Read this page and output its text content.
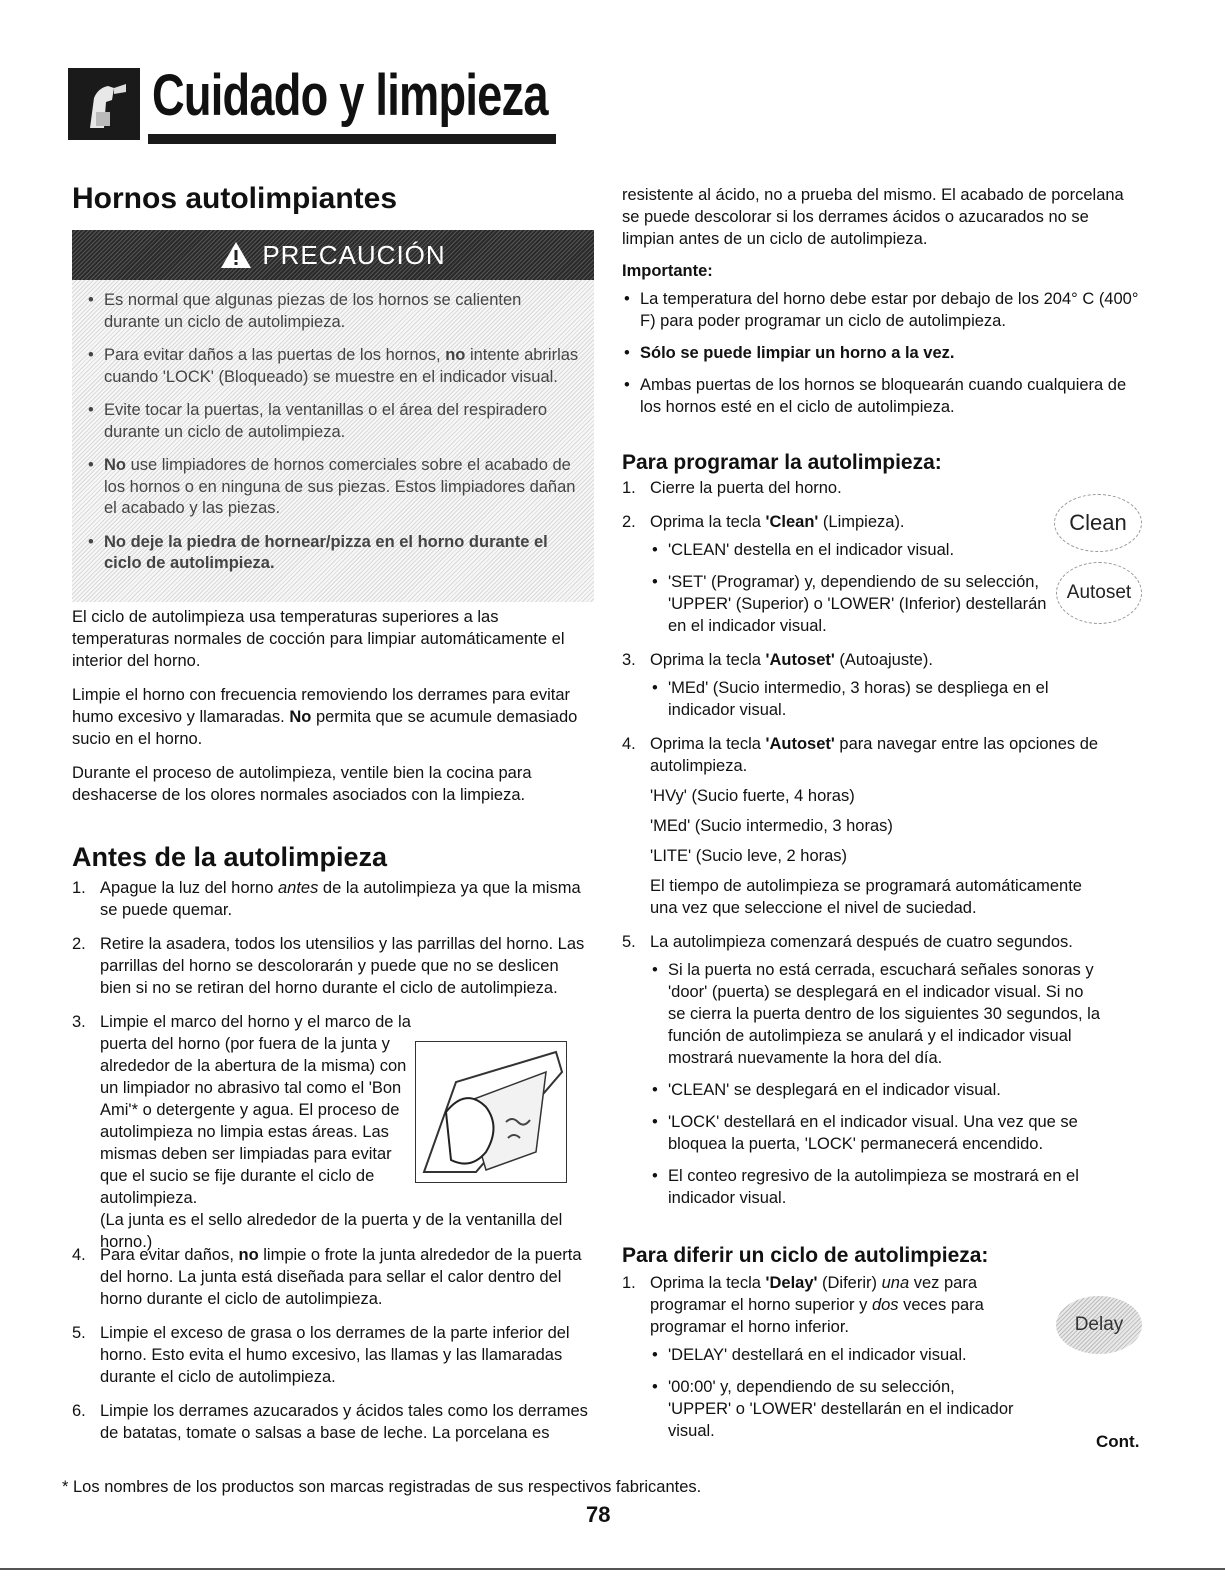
Cuidado y limpieza
Hornos autolimpiantes
PRECAUCIÓN
• Es normal que algunas piezas de los hornos se calienten durante un ciclo de autolimpieza.
• Para evitar daños a las puertas de los hornos, no intente abrirlas cuando 'LOCK' (Bloqueado) se muestre en el indicador visual.
• Evite tocar la puertas, la ventanillas o el área del respiradero durante un ciclo de autolimpieza.
• No use limpiadores de hornos comerciales sobre el acabado de los hornos o en ninguna de sus piezas. Estos limpiadores dañan el acabado y las piezas.
• No deje la piedra de hornear/pizza en el horno durante el ciclo de autolimpieza.

El ciclo de autolimpieza usa temperaturas superiores a las temperaturas normales de cocción para limpiar automáticamente el interior del horno.

Limpie el horno con frecuencia removiendo los derrames para evitar humo excesivo y llamaradas. No permita que se acumule demasiado sucio en el horno.

Durante el proceso de autolimpieza, ventile bien la cocina para deshacerse de los olores normales asociados con la limpieza.

Antes de la autolimpieza
1. Apague la luz del horno antes de la autolimpieza ya que la misma se puede quemar.
2. Retire la asadera, todos los utensilios y las parrillas del horno. Las parrillas del horno se descolorarán y puede que no se deslicen bien si no se retiran del horno durante el ciclo de autolimpieza.
3. Limpie el marco del horno y el marco de la puerta del horno (por fuera de la junta y alrededor de la abertura de la misma) con un limpiador no abrasivo tal como el 'Bon Ami'* o detergente y agua. El proceso de autolimpieza no limpia estas áreas. Las mismas deben ser limpiadas para evitar que el sucio se fije durante el ciclo de autolimpieza.
(La junta es el sello alrededor de la puerta y de la ventanilla del horno.)
4. Para evitar daños, no limpie o frote la junta alrededor de la puerta del horno. La junta está diseñada para sellar el calor dentro del horno durante el ciclo de autolimpieza.
5. Limpie el exceso de grasa o los derrames de la parte inferior del horno. Esto evita el humo excesivo, las llamas y las llamaradas durante el ciclo de autolimpieza.
6. Limpie los derrames azucarados y ácidos tales como los derrames de batatas, tomate o salsas a base de leche. La porcelana es

resistente al ácido, no a prueba del mismo. El acabado de porcelana se puede descolorar si los derrames ácidos o azucarados no se limpian antes de un ciclo de autolimpieza.

Importante:

• La temperatura del horno debe estar por debajo de los 204° C (400° F) para poder programar un ciclo de autolimpieza.
• Sólo se puede limpiar un horno a la vez.
• Ambas puertas de los hornos se bloquearán cuando cualquiera de los hornos esté en el ciclo de autolimpieza.
Para programar la autolimpieza:
1. Cierre la puerta del horno.
2. Oprima la tecla 'Clean' (Limpieza).
• 'CLEAN' destella en el indicador visual.
• 'SET' (Programar) y, dependiendo de su selección, 'UPPER' (Superior) o 'LOWER' (Inferior) destellarán en el indicador visual.
3. Oprima la tecla 'Autoset' (Autoajuste).
• 'MEd' (Sucio intermedio, 3 horas) se despliega en el indicador visual.
4. Oprima la tecla 'Autoset' para navegar entre las opciones de autolimpieza.

'HVy' (Sucio fuerte, 4 horas)

'MEd' (Sucio intermedio, 3 horas)

'LITE' (Sucio leve, 2 horas)

El tiempo de autolimpieza se programará automáticamente una vez que seleccione el nivel de suciedad.

5. La autolimpieza comenzará después de cuatro segundos.
• Si la puerta no está cerrada, escuchará señales sonoras y 'door' (puerta) se desplegará en el indicador visual. Si no se cierra la puerta dentro de los siguientes 30 segundos, la función de autolimpieza se anulará y el indicador visual mostrará nuevamente la hora del día.
• 'CLEAN' se desplegará en el indicador visual.
• 'LOCK' destellará en el indicador visual. Una vez que se bloquea la puerta, 'LOCK' permanecerá encendido.
• El conteo regresivo de la autolimpieza se mostrará en el indicador visual.
Clean
Autoset
Para diferir un ciclo de autolimpieza:
1. Oprima la tecla 'Delay' (Diferir) una vez para programar el horno superior y dos veces para programar el horno inferior.
• 'DELAY' destellará en el indicador visual.
• '00:00' y, dependiendo de su selección, 'UPPER' o 'LOWER' destellarán en el indicador visual.
Delay
Cont.
* Los nombres de los productos son marcas registradas de sus respectivos fabricantes.
78
